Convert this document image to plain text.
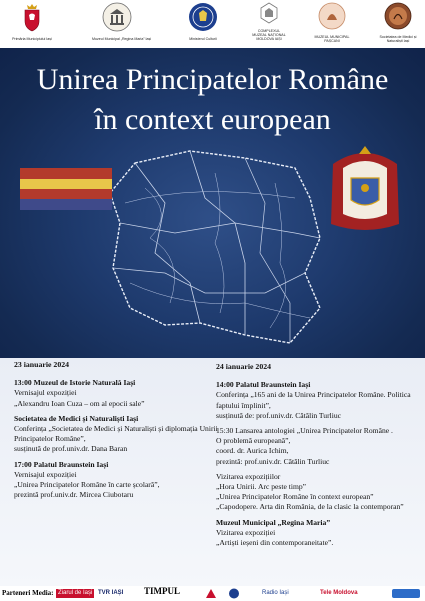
Primăria Municipiului Iași	Muzeul Municipal „Regina Maria” Iași	Ministerul Culturii
COMPLEXUL MUZEAL NAȚIONAL MOLDOVA IAȘI	MUZEUL MUNICIPAL PAȘCANI
Societatea de Medici și Naturaliști Iași
Unirea Principatelor Române
în context european
23 ianuarie 2024
13:00 Muzeul de Istorie Naturală Iași
Vernisajul expoziției
„Alexandru Ioan Cuza – om al epocii sale”
Societatea de Medici și Naturaliști Iași
Conferința „Societatea de Medici și Naturaliști și diplomația Unirii
Principatelor Române”,
susținută de prof.univ.dr. Dana Baran
17:00 Palatul Braunstein Iași
Vernisajul expoziției
„Unirea Principatelor Române în carte școlară”,
prezintă prof.univ.dr. Mircea Ciubotaru
24 ianuarie 2024
14:00 Palatul Braunstein Iași
Conferința „165 ani de la Unirea Principatelor Române. Politica
faptului împlinit”,
susținută de: prof.univ.dr. Cătălin Turliuc
15:30 Lansarea antologiei „Unirea Principatelor Române .
O problemă europeană”,
coord. dr. Aurica Ichim,
prezintă: prof.univ.dr. Cătălin Turliuc
Vizitarea expozițiilor
„Hora Unirii. Arc peste timp”
„Unirea Principatelor Române în context european”
„Capodopere. Arta din România, de la clasic la contemporan”
Muzeul Municipal „Regina Maria”
Vizitarea expoziției
„Artiști ieșeni din contemporaneitate”.
Parteneri Media: Ziarul de Iași TVR IAȘI TIMPUL	Radio Iași	Tele Moldova
